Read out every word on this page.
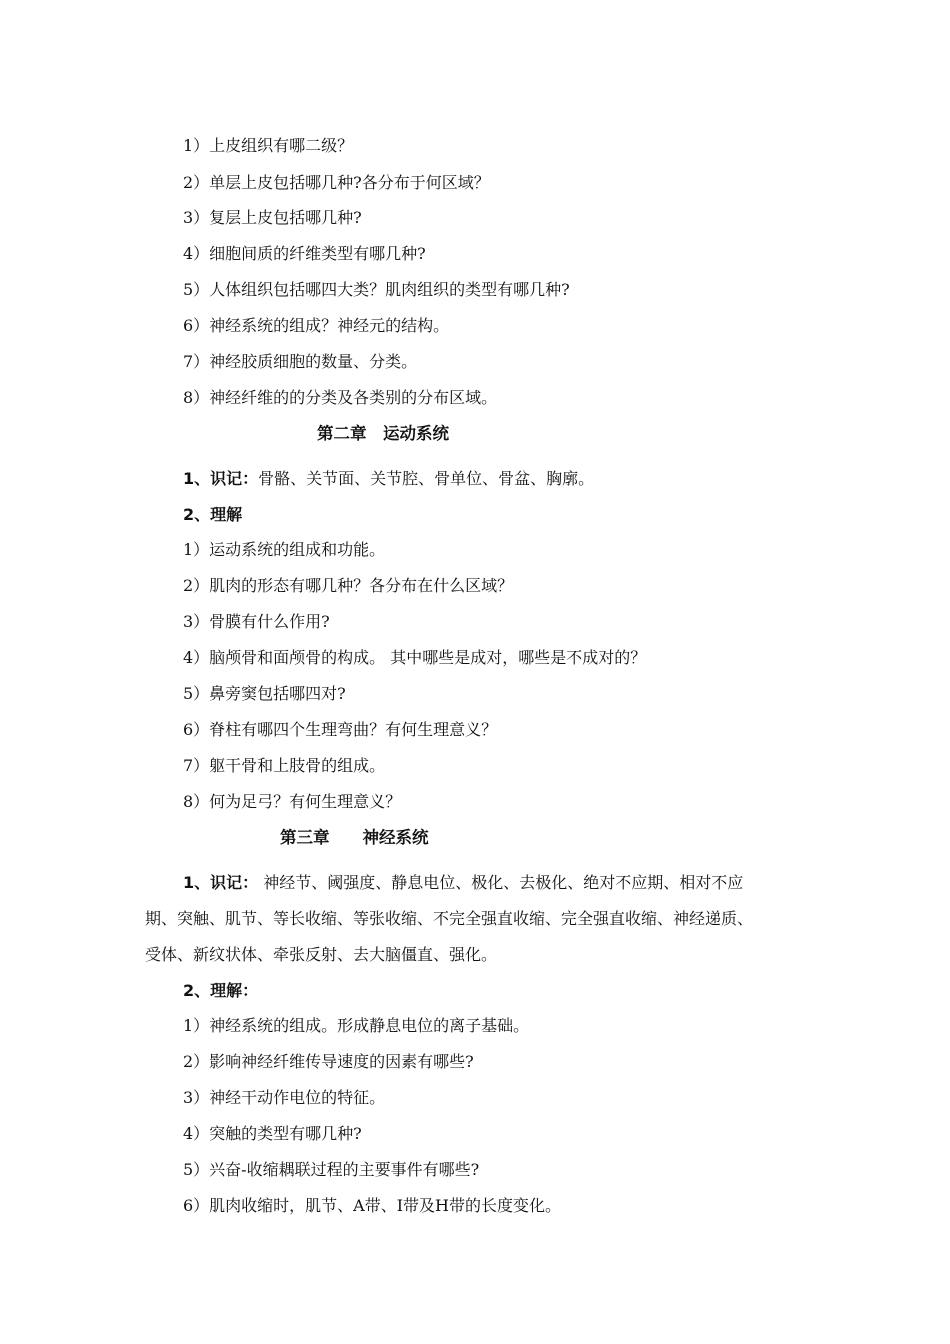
1）上皮组织有哪二级？
2）单层上皮包括哪几种?各分布于何区域？
3）复层上皮包括哪几种?
4）细胞间质的纤维类型有哪几种?
5）人体组织包括哪四大类？肌肉组织的类型有哪几种?
6）神经系统的组成？神经元的结构。
7）神经胶质细胞的数量、分类。
8）神经纤维的的分类及各类别的分布区域。
第二章　运动系统
1、识记：骨骼、关节面、关节腔、骨单位、骨盆、胸廓。
2、理解
1）运动系统的组成和功能。
2）肌肉的形态有哪几种？各分布在什么区域？
3）骨膜有什么作用?
4）脑颅骨和面颅骨的构成。 其中哪些是成对，哪些是不成对的？
5）鼻旁窦包括哪四对?
6）脊柱有哪四个生理弯曲？有何生理意义？
7）躯干骨和上肢骨的组成。
8）何为足弓？有何生理意义？
第三章　　神经系统
1、识记： 神经节、阈强度、静息电位、极化、去极化、绝对不应期、相对不应
期、突触、肌节、等长收缩、等张收缩、不完全强直收缩、完全强直收缩、神经递质、
受体、新纹状体、牵张反射、去大脑僵直、强化。
2、理解：
1）神经系统的组成。形成静息电位的离子基础。
2）影响神经纤维传导速度的因素有哪些?
3）神经干动作电位的特征。
4）突触的类型有哪几种?
5）兴奋-收缩耦联过程的主要事件有哪些?
6）肌肉收缩时，肌节、A带、I带及H带的长度变化。
